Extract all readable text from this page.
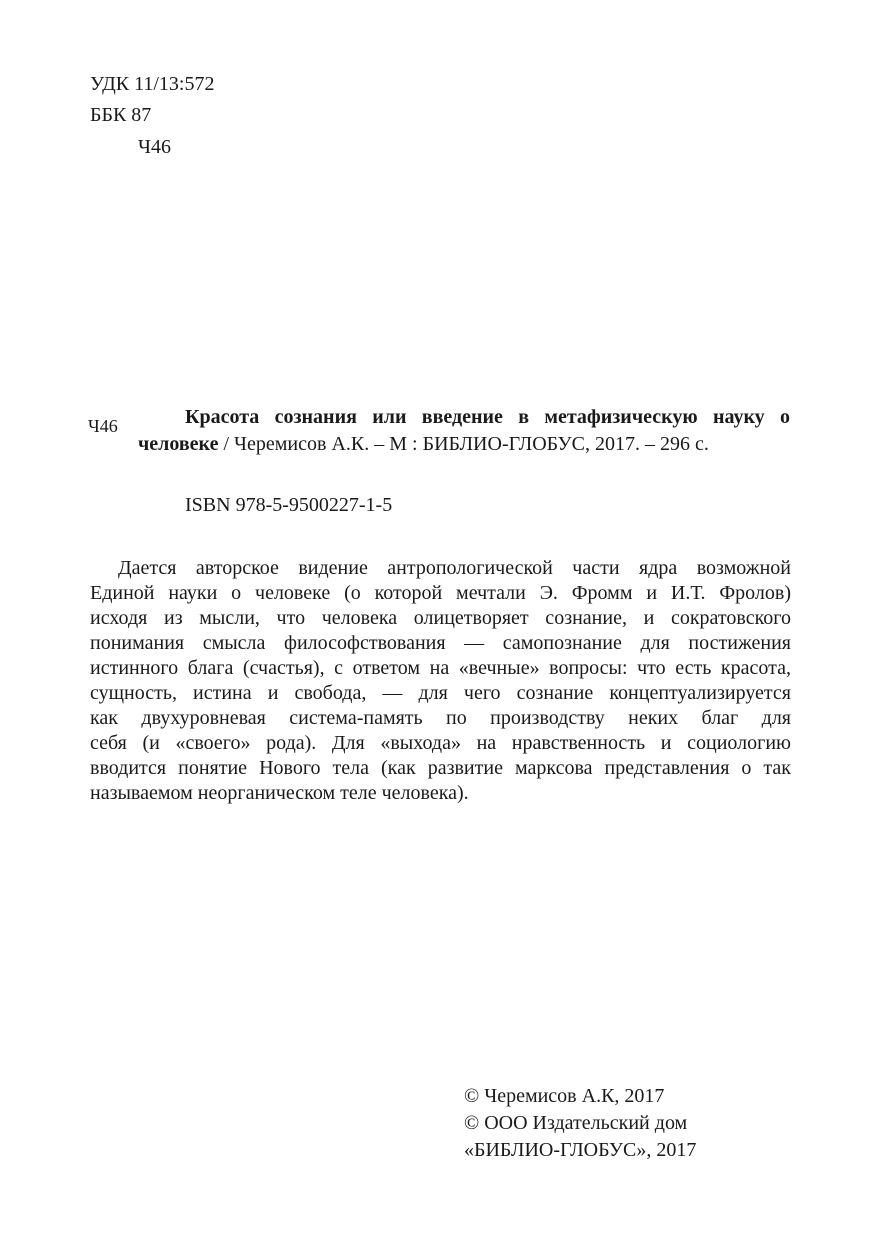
УДК 11/13:572
ББК 87
Ч46
Ч46	Красота сознания или введение в метафизическую науку о
человеке / Черемисов А.К. – М : БИБЛИО-ГЛОБУС, 2017. – 296 с.
ISBN 978-5-9500227-1-5
Дается авторское видение антропологической части ядра возможной
Единой науки о человеке (о которой мечтали Э. Фромм и И.Т. Фролов)
исходя из мысли, что человека олицетворяет сознание, и сократовского
понимания смысла философствования — самопознание для постижения
истинного блага (счастья), с ответом на «вечные» вопросы: что есть красота,
сущность, истина и свобода, — для чего сознание концептуализируется
как двухуровневая система-память по производству неких благ для
себя (и «своего» рода). Для «выхода» на нравственность и социологию
вводится понятие Нового тела (как развитие марксова представления о так
называемом неорганическом теле человека).
© Черемисов А.К, 2017
© ООО Издательский дом
«БИБЛИО-ГЛОБУС», 2017
